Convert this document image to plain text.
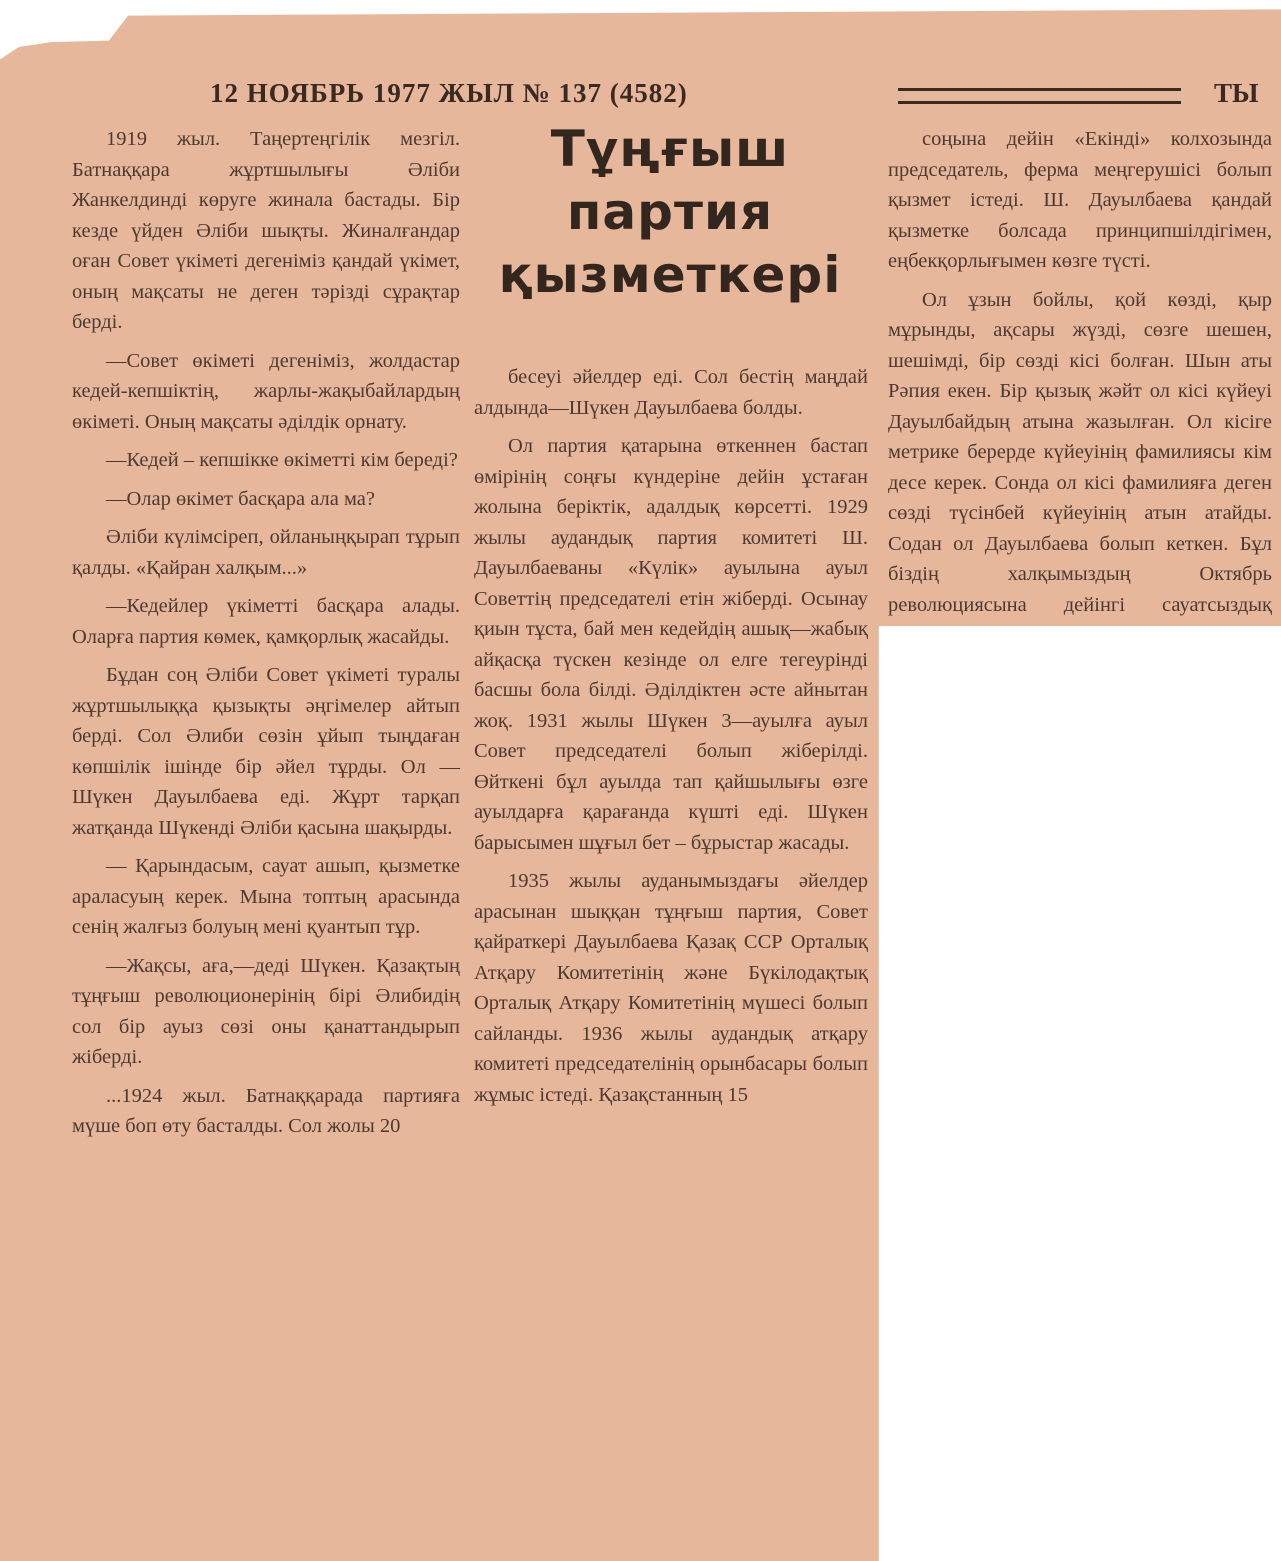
12 НОЯБРЬ 1977 ЖЫЛ № 137 (4582)	ТЫ

Тұңғыш партия қызметкері

1919 жыл. Таңертеңгілік мезгіл. Батнаққара жұртшылығы Әліби Жанкелдинді көруге жинала бастады. Бір кезде үйден Әліби шықты. Жиналғандар оған Совет үкіметі дегеніміз қандай үкімет, оның мақсаты не деген тәрізді сұрақтар берді.

—Совет өкіметі дегеніміз, жолдастар кедей-кепшіктің, жарлы-жақыбайлардың өкіметі. Оның мақсаты әділдік орнату.

—Кедей – кепшікке өкіметті кім береді?

—Олар өкімет басқара ала ма?

Әліби күлімсіреп, ойланыңқырап тұрып қалды. «Қайран халқым...»

—Кедейлер үкіметті басқара алады. Оларға партия көмек, қамқорлық жасайды.

Бұдан соң Әліби Совет үкіметі туралы жұртшылыққа қызықты әңгімелер айтып берді. Сол Әлиби сөзін ұйып тыңдаған көпшілік ішінде бір әйел тұрды. Ол — Шүкен Дауылбаева еді. Жұрт тарқап жатқанда Шүкенді Әліби қасына шақырды.

— Қарындасым, сауат ашып, қызметке араласуың керек. Мына топтың арасында сенің жалғыз болуың мені қуантып тұр.

—Жақсы, аға,—деді Шүкен. Қазақтың тұңғыш революционерінің бірі Әлибидің сол бір ауыз сөзі оны қанаттандырып жіберді.

...1924 жыл. Батнаққарада партияға мүше боп өту басталды. Сол жолы 20

бесеуі әйелдер еді. Сол бестің маңдай алдында—Шүкен Дауылбаева болды.

Ол партия қатарына өткеннен бастап өмірінің соңғы күндеріне дейін ұстаған жолына беріктік, адалдық көрсетті. 1929 жылы аудандық партия комитеті Ш. Дауылбаеваны «Күлік» ауылына ауыл Советтің председателі етін жіберді. Осынау қиын тұста, бай мен кедейдің ашық—жабық айқасқа түскен кезінде ол елге тегеуріндi басшы бола білді. Әділдіктен әсте айнытан жоқ. 1931 жылы Шүкен 3—ауылға ауыл Совет председателі болып жіберілді. Өйткені бұл ауылда тап қайшылығы өзге ауылдарға қарағанда күшті еді. Шүкен барысымен шұғыл бет – бұрыстар жасады.

1935 жылы ауданымыздағы әйелдер арасынан шыққан тұңғыш партия, Совет қайраткері Дауылбаева Қазақ ССР Орталық Атқару Комитетінің және Бүкілодақтық Орталық Атқару Комитетінің мүшесі болып сайланды. 1936 жылы аудандық атқару комитеті председателінің орынбасары болып жұмыс істеді. Қазақстанның 15

соңына дейін «Екінді» колхозында председатель, ферма меңгерушісі болып қызмет істеді. Ш. Дауылбаева қандай қызметке болсада принципшілдігімен, еңбекқорлығымен көзге түсті.

Ол ұзын бойлы, қой көзді, қыр мұрынды, ақсары жүзді, сөзге шешен, шешімді, бір сөзді кісі болған. Шын аты Рәпия екен. Бір қызық жәйт ол кісі күйеуі Дауылбайдың атына жазылған. Ол кісіге метрике берерде күйеуінің фамилиясы кім десе керек. Сонда ол кісі фамилияға деген сөзді түсінбей күйеуінің атын атайды. Содан ол Дауылбаева болып кеткен. Бұл біздің халқымыздың Октябрь революциясына дейінгі сауатсыздық
